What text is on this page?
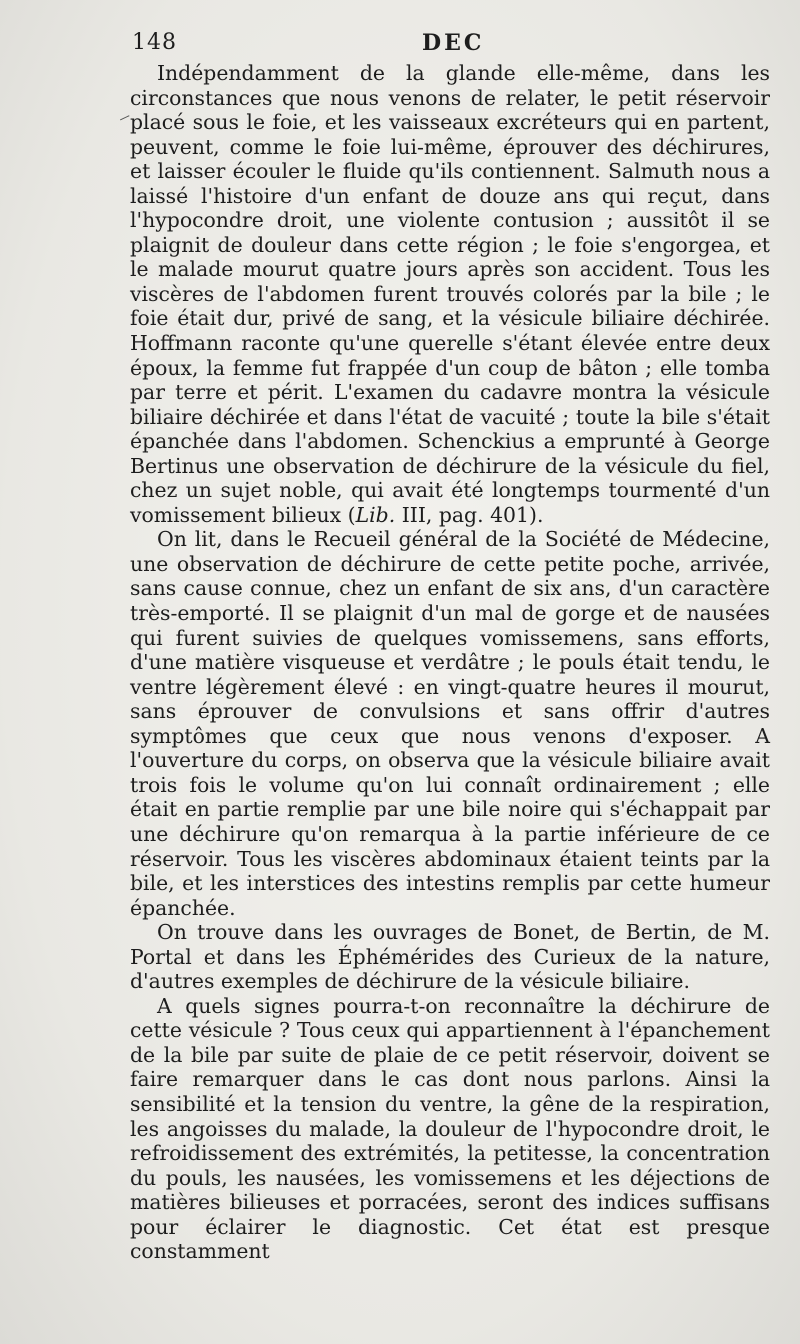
148	DEC

Indépendamment de la glande elle-même, dans les circonstances que nous venons de relater, le petit réservoir placé sous le foie, et les vaisseaux excréteurs qui en partent, peuvent, comme le foie lui-même, éprouver des déchirures, et laisser écouler le fluide qu'ils contiennent. Salmuth nous a laissé l'histoire d'un enfant de douze ans qui reçut, dans l'hypocondre droit, une violente contusion ; aussitôt il se plaignit de douleur dans cette région ; le foie s'engorgea, et le malade mourut quatre jours après son accident. Tous les viscères de l'abdomen furent trouvés colorés par la bile ; le foie était dur, privé de sang, et la vésicule biliaire déchirée. Hoffmann raconte qu'une querelle s'étant élevée entre deux époux, la femme fut frappée d'un coup de bâton ; elle tomba par terre et périt. L'examen du cadavre montra la vésicule biliaire déchirée et dans l'état de vacuité ; toute la bile s'était épanchée dans l'abdomen. Schenckius a emprunté à George Bertinus une observation de déchirure de la vésicule du fiel, chez un sujet noble, qui avait été longtemps tourmenté d'un vomissement bilieux (Lib. III, pag. 401).

On lit, dans le Recueil général de la Société de Médecine, une observation de déchirure de cette petite poche, arrivée, sans cause connue, chez un enfant de six ans, d'un caractère très-emporté. Il se plaignit d'un mal de gorge et de nausées qui furent suivies de quelques vomissemens, sans efforts, d'une matière visqueuse et verdâtre ; le pouls était tendu, le ventre légèrement élevé : en vingt-quatre heures il mourut, sans éprouver de convulsions et sans offrir d'autres symptômes que ceux que nous venons d'exposer. A l'ouverture du corps, on observa que la vésicule biliaire avait trois fois le volume qu'on lui connaît ordinairement ; elle était en partie remplie par une bile noire qui s'échappait par une déchirure qu'on remarqua à la partie inférieure de ce réservoir. Tous les viscères abdominaux étaient teints par la bile, et les interstices des intestins remplis par cette humeur épanchée.

On trouve dans les ouvrages de Bonet, de Bertin, de M. Portal et dans les Éphémérides des Curieux de la nature, d'autres exemples de déchirure de la vésicule biliaire.

A quels signes pourra-t-on reconnaître la déchirure de cette vésicule ? Tous ceux qui appartiennent à l'épanchement de la bile par suite de plaie de ce petit réservoir, doivent se faire remarquer dans le cas dont nous parlons. Ainsi la sensibilité et la tension du ventre, la gêne de la respiration, les angoisses du malade, la douleur de l'hypocondre droit, le refroidissement des extrémités, la petitesse, la concentration du pouls, les nausées, les vomissemens et les déjections de matières bilieuses et porracées, seront des indices suffisans pour éclairer le diagnostic. Cet état est presque constamment
